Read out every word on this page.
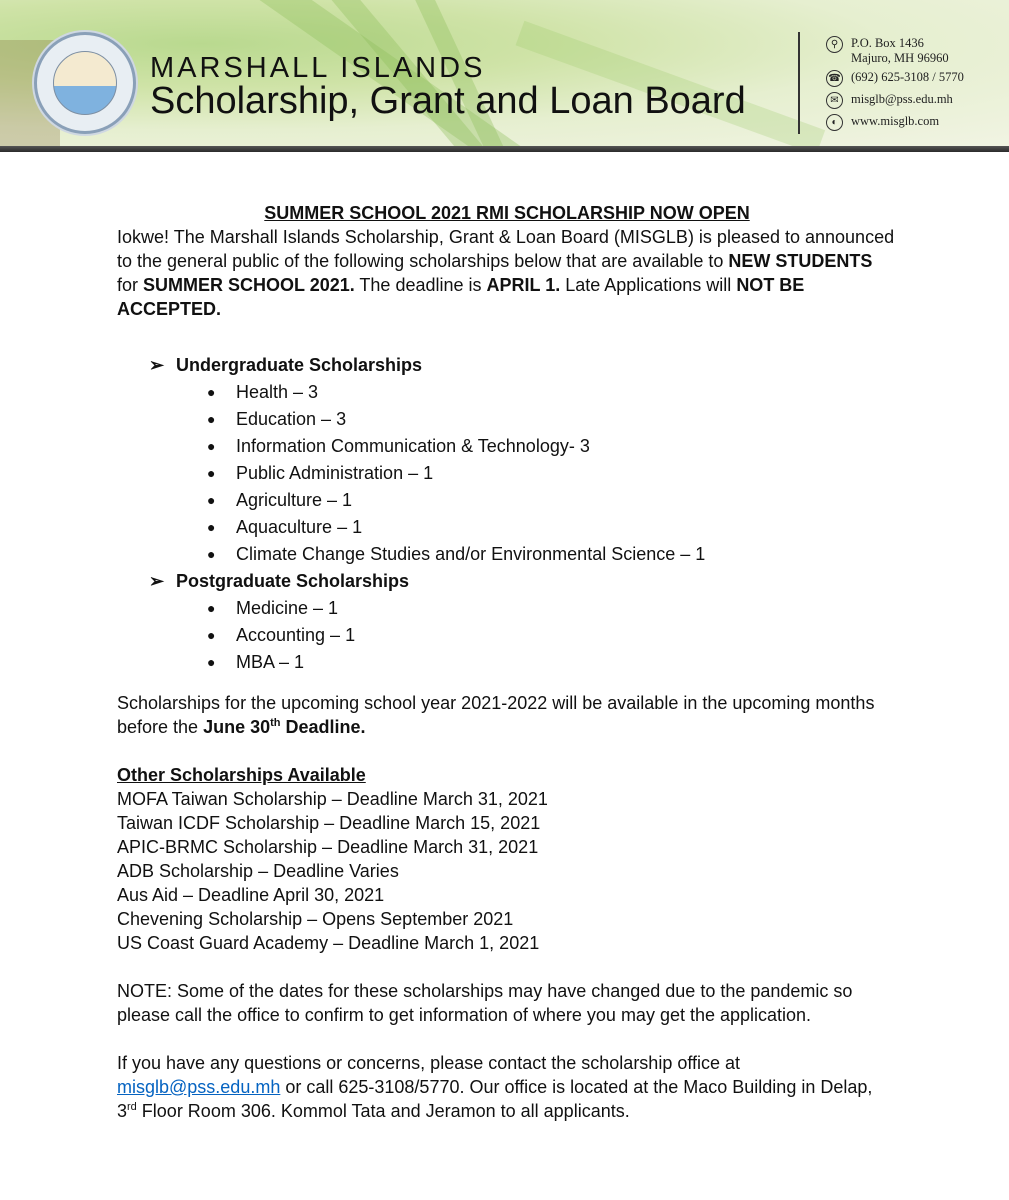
MARSHALL ISLANDS
Scholarship, Grant and Loan Board
⚲	P.O. Box 1436
Majuro, MH 96960
☎ (692) 625-3108 / 5770
✉ misglb@pss.edu.mh
◐	www.misglb.com
SUMMER SCHOOL 2021 RMI SCHOLARSHIP NOW OPEN

Iokwe! The Marshall Islands Scholarship, Grant & Loan Board (MISGLB) is pleased to announced to the general public of the following scholarships below that are available to NEW STUDENTS for SUMMER SCHOOL 2021. The deadline is APRIL 1. Late Applications will NOT BE ACCEPTED.

➢ Undergraduate Scholarships
●	Health – 3
●	Education – 3
●	Information Communication & Technology- 3
●	Public Administration – 1
●	Agriculture – 1
●	Aquaculture – 1
●	Climate Change Studies and/or Environmental Science – 1
➢ Postgraduate Scholarships
●	Medicine – 1
●	Accounting – 1
●	MBA – 1

Scholarships for the upcoming school year 2021-2022 will be available in the upcoming months before the June 30th Deadline.

Other Scholarships Available
MOFA Taiwan Scholarship – Deadline March 31, 2021
Taiwan ICDF Scholarship – Deadline March 15, 2021
APIC-BRMC Scholarship – Deadline March 31, 2021
ADB Scholarship – Deadline Varies
Aus Aid – Deadline April 30, 2021
Chevening Scholarship – Opens September 2021
US Coast Guard Academy – Deadline March 1, 2021

NOTE: Some of the dates for these scholarships may have changed due to the pandemic so please call the office to confirm to get information of where you may get the application.

If you have any questions or concerns, please contact the scholarship office at misglb@pss.edu.mh or call 625-3108/5770. Our office is located at the Maco Building in Delap, 3rd Floor Room 306. Kommol Tata and Jeramon to all applicants.
